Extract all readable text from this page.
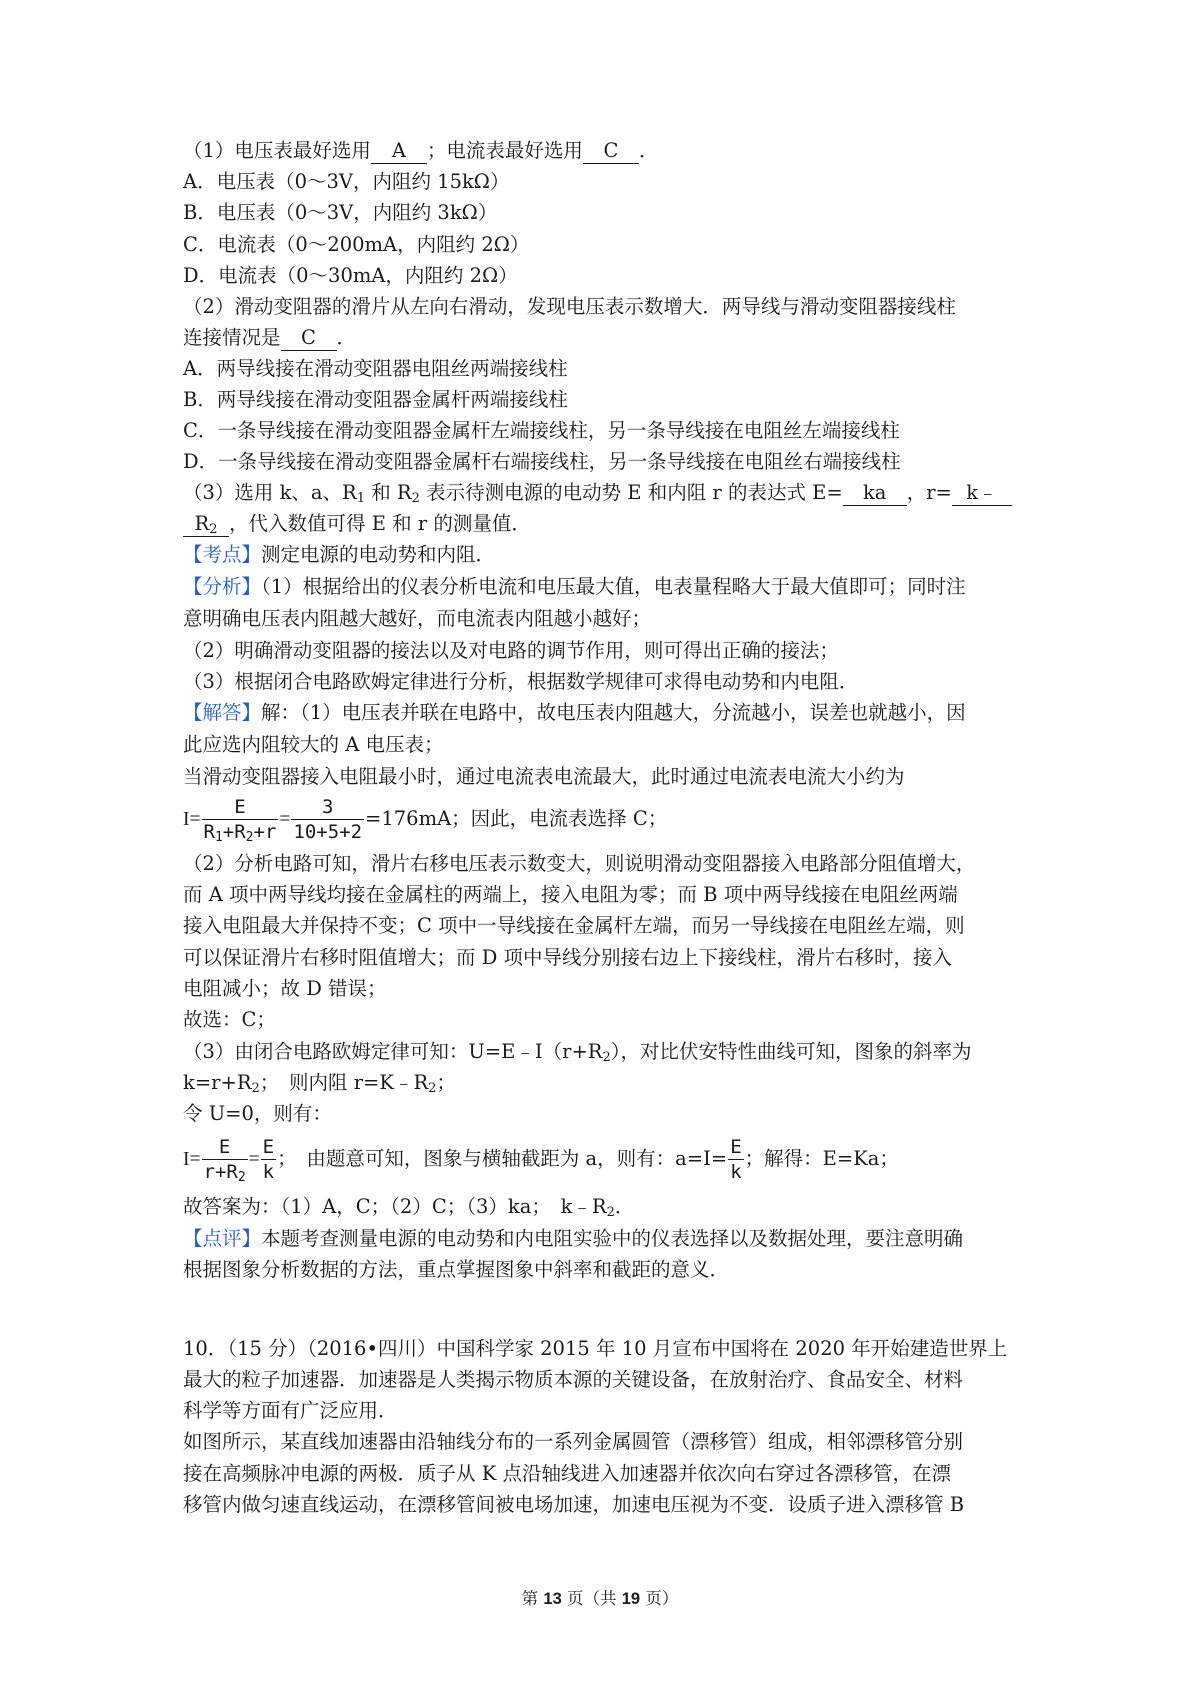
（1）电压表最好选用 A ；电流表最好选用 C ．
A．电压表（0～3V，内阻约 15kΩ）
B．电压表（0～3V，内阻约 3kΩ）
C．电流表（0～200mA，内阻约 2Ω）
D．电流表（0～30mA，内阻约 2Ω）
（2）滑动变阻器的滑片从左向右滑动，发现电压表示数增大．两导线与滑动变阻器接线柱
连接情况是 C ．
A．两导线接在滑动变阻器电阻丝两端接线柱
B．两导线接在滑动变阻器金属杆两端接线柱
C．一条导线接在滑动变阻器金属杆左端接线柱，另一条导线接在电阻丝左端接线柱
D．一条导线接在滑动变阻器金属杆右端接线柱，另一条导线接在电阻丝右端接线柱
（3）选用 k、a、$R_1$ 和 $R_2$ 表示待测电源的电动势 E 和内阻 r 的表达式 E= ka ，r= k﹣
$R_2$ ，代入数值可得 E 和 r 的测量值．
【考点】测定电源的电动势和内阻．
【分析】（1）根据给出的仪表分析电流和电压最大值，电表量程略大于最大值即可；同时注
意明确电压表内阻越大越好，而电流表内阻越小越好；
（2）明确滑动变阻器的接法以及对电路的调节作用，则可得出正确的接法；
（3）根据闭合电路欧姆定律进行分析，根据数学规律可求得电动势和内电阻．
【解答】解：（1）电压表并联在电路中，故电压表内阻越大，分流越小，误差也就越小，因
此应选内阻较大的 A 电压表；
当滑动变阻器接入电阻最小时，通过电流表电流最大，此时通过电流表电流大小约为
$I= \frac{E}{R_1+R_2+r} = \frac{3}{10+5+2} =176mA$；因此，电流表选择 C；
（2）分析电路可知，滑片右移电压表示数变大，则说明滑动变阻器接入电路部分阻值增大，
而 A 项中两导线均接在金属柱的两端上，接入电阻为零；而 B 项中两导线接在电阻丝两端
接入电阻最大并保持不变；C 项中一导线接在金属杆左端，而另一导线接在电阻丝左端，则
可以保证滑片右移时阻值增大；而 D 项中导线分别接右边上下接线柱，滑片右移时，接入
电阻减小；故 D 错误；
故选：C；
（3）由闭合电路欧姆定律可知：$U=E﹣I(r+R_2)$，对比伏安特性曲线可知，图象的斜率为
$k=r+R_2$；　则内阻 $r=K﹣R_2$；
令 U=0，则有：
$I= \frac{E}{r+R_2} = \frac{E}{k}$ ；　由题意可知，图象与横轴截距为 a，则有：$a=I= \frac{E}{k}$ ；解得：E=Ka；
故答案为：（1）A，C；（2）C；（3）ka；　$k﹣R_2$．
【点评】本题考查测量电源的电动势和内电阻实验中的仪表选择以及数据处理，要注意明确
根据图象分析数据的方法，重点掌握图象中斜率和截距的意义．
10．（15 分）（2016•四川）中国科学家 2015 年 10 月宣布中国将在 2020 年开始建造世界上
最大的粒子加速器．加速器是人类揭示物质本源的关键设备，在放射治疗、食品安全、材料
科学等方面有广泛应用．
如图所示，某直线加速器由沿轴线分布的一系列金属圆管（漂移管）组成，相邻漂移管分别
接在高频脉冲电源的两极．质子从 K 点沿轴线进入加速器并依次向右穿过各漂移管，在漂
移管内做匀速直线运动，在漂移管间被电场加速，加速电压视为不变．设质子进入漂移管 B
第 13 页（共 19 页）
